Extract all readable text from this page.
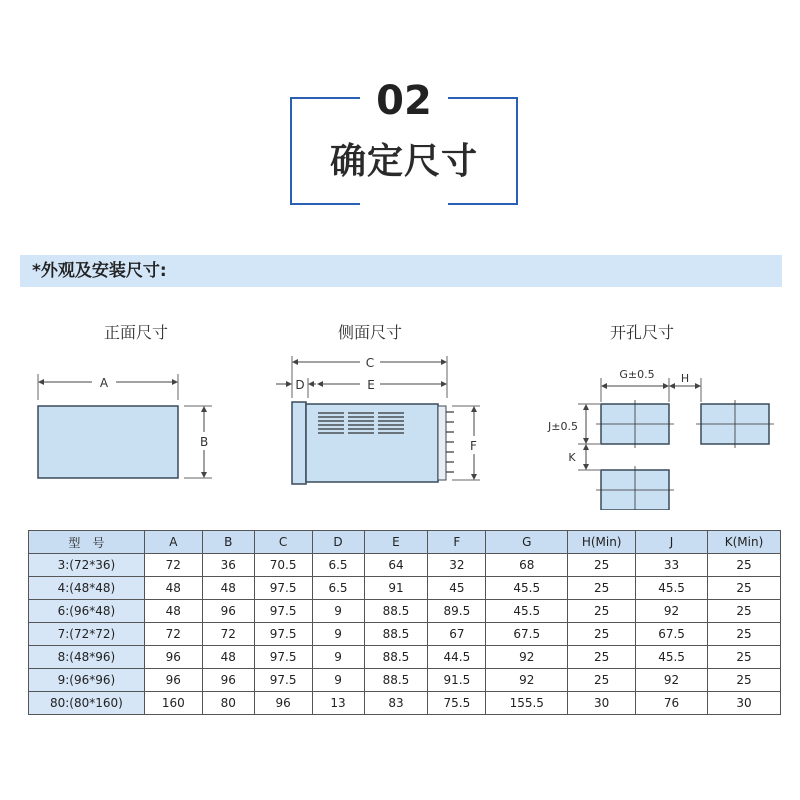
02
确定尺寸
*外观及安装尺寸:
正面尺寸	侧面尺寸	开孔尺寸
A
B
C
D	E
F
G±0.5 H
J±0.5
K
型　号	A	B	C	D	E	F	G	H(Min)	J	K(Min)
3:(72*36)	72	36	70.5	6.5	64	32	68	25	33	25
4:(48*48)	48	48	97.5	6.5	91	45	45.5	25	45.5	25
6:(96*48)	48	96	97.5	9	88.5	89.5	45.5	25	92	25
7:(72*72)	72	72	97.5	9	88.5	67	67.5	25	67.5	25
8:(48*96)	96	48	97.5	9	88.5	44.5	92	25	45.5	25
9:(96*96)	96	96	97.5	9	88.5	91.5	92	25	92	25
80:(80*160)	160	80	96	13	83	75.5	155.5	30	76	30
